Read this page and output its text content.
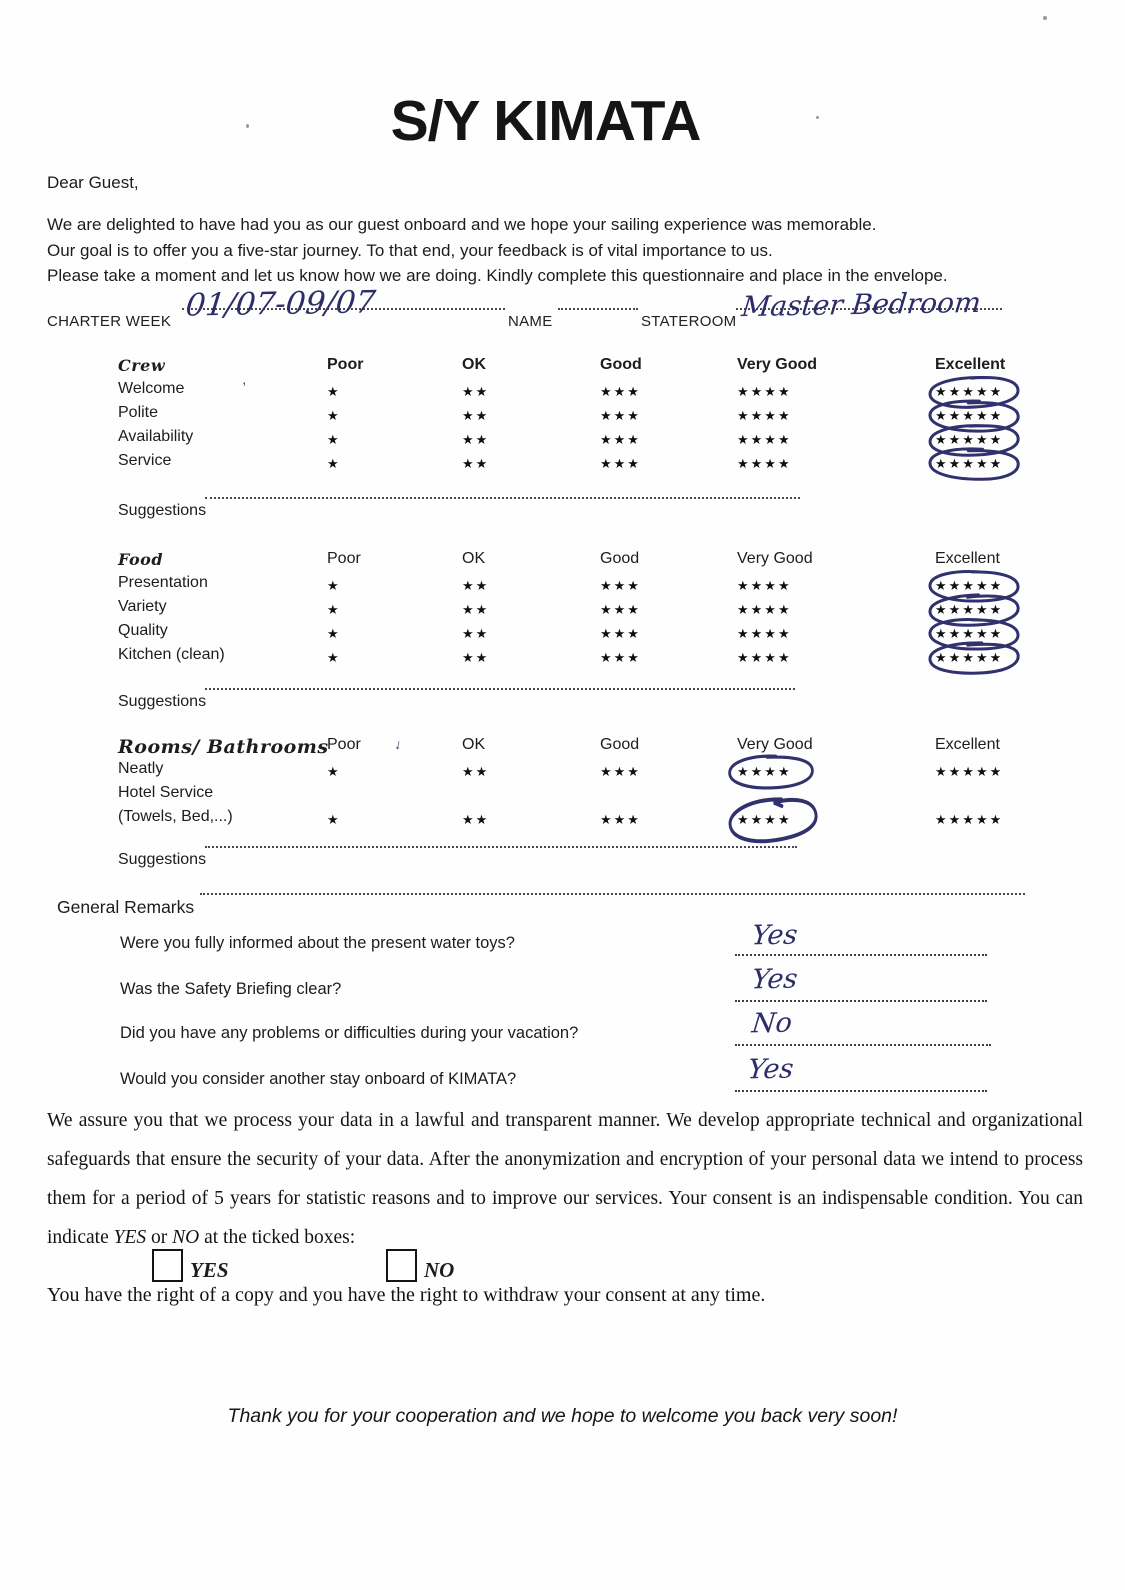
S/Y KIMATA
Dear Guest,
We are delighted to have had you as our guest onboard and we hope your sailing experience was memorable.
Our goal is to offer you a five-star journey. To that end, your feedback is of vital importance to us.
Please take a moment and let us know how we are doing. Kindly complete this questionnaire and place in the envelope.
CHARTER WEEK 01/07-09/07	NAME	STATEROOM Master Bedroom
Crew	Poor	OK	Good	Very Good	Excellent
Welcome	★’	★★	★★★	★★★★	★★★★★
Polite	★	★★	★★★	★★★★	★★★★★
Availability	★	★★	★★★	★★★★	★★★★★
Service	★	★★	★★★	★★★★	★★★★★
Suggestions
Food	Poor	OK	Good	Very Good	Excellent
Presentation	★	★★	★★★	★★★★	★★★★★
Variety	★	★★	★★★	★★★★	★★★★★
Quality	★	★★	★★★	★★★★	★★★★★
Kitchen (clean)	★	★★	★★★	★★★★	★★★★★
Suggestions
Rooms/ Bathrooms
Poor ↓	OK	Good	Very Good	Excellent
Neatly	★	★★	★★★	★★★★	★★★★★
Hotel Service
(Towels, Bed,...)	★	★★	★★★	★★★★	★★★★★
Suggestions
General Remarks
Were you fully informed about the present water toys?	Yes
Was the Safety Briefing clear?	Yes
Did you have any problems or difficulties during your vacation?	No
Would you consider another stay onboard of KIMATA?	Yes

We assure you that we process your data in a lawful and transparent manner. We develop appropriate technical and organizational safeguards that ensure the security of your data. After the anonymization and encryption of your personal data we intend to process them for a period of 5 years for statistic reasons and to improve our services. Your consent is an indispensable condition. You can indicate YES or NO at the ticked boxes:

YES	NO
You have the right of a copy and you have the right to withdraw your consent at any time.
Thank you for your cooperation and we hope to welcome you back very soon!
